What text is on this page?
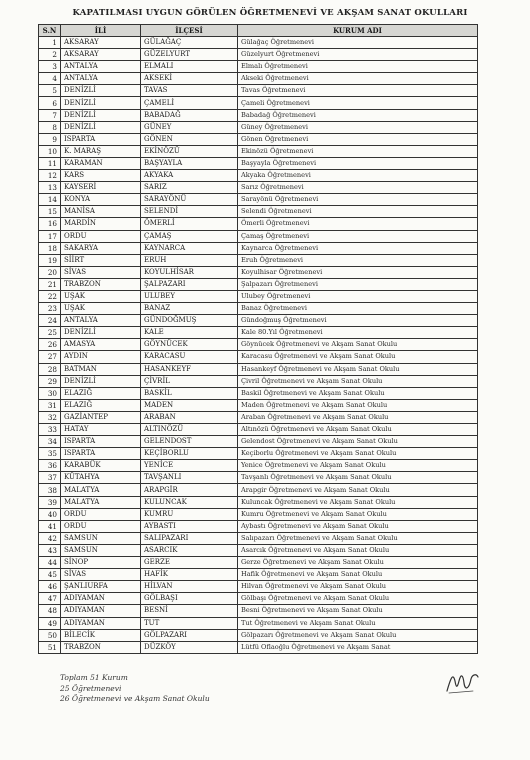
KAPATILMASI UYGUN GÖRÜLEN ÖĞRETMENEVİ VE AKŞAM SANAT OKULLARI
S.N	İLİ	İLÇESİ	KURUM ADI
1	AKSARAY	GÜLAĞAÇ	Gülağaç Öğretmenevi
2	AKSARAY	GÜZELYURT	Güzelyurt Öğretmenevi
3	ANTALYA	ELMALI	Elmalı Öğretmenevi
4	ANTALYA	AKSEKİ	Akseki Öğretmenevi
5	DENİZLİ	TAVAS	Tavas Öğretmenevi
6	DENİZLİ	ÇAMELİ	Çameli Öğretmenevi
7	DENİZLİ	BABADAĞ	Babadağ Öğretmenevi
8	DENİZLİ	GÜNEY	Güney Öğretmenevi
9	ISPARTA	GÖNEN	Gönen Öğretmenevi
10	K. MARAŞ	EKİNÖZÜ	Ekinözü Öğretmenevi
11	KARAMAN	BAŞYAYLA	Başyayla Öğretmenevi
12	KARS	AKYAKA	Akyaka Öğretmenevi
13	KAYSERİ	SARIZ	Sarız Öğretmenevi
14	KONYA	SARAYÖNÜ	Sarayönü Öğretmenevi
15	MANİSA	SELENDİ	Selendi Öğretmenevi
16	MARDİN	ÖMERLİ	Ömerli Öğretmenevi
17	ORDU	ÇAMAŞ	Çamaş Öğretmenevi
18	SAKARYA	KAYNARCA	Kaynarca Öğretmenevi
19	SİİRT	ERUH	Eruh Öğretmenevi
20	SİVAS	KOYULHİSAR	Koyulhisar Öğretmenevi
21	TRABZON	ŞALPAZARI	Şalpazarı Öğretmenevi
22	UŞAK	ULUBEY	Ulubey Öğretmenevi
23	UŞAK	BANAZ	Banaz Öğretmenevi
24	ANTALYA	GÜNDOĞMUŞ	Gündoğmuş Öğretmenevi
25	DENİZLİ	KALE	Kale 80.Yıl Öğretmenevi
26	AMASYA	GÖYNÜCEK	Göynücek Öğretmenevi ve Akşam Sanat Okulu
27	AYDIN	KARACASU	Karacasu Öğretmenevi ve Akşam Sanat Okulu
28	BATMAN	HASANKEYF	Hasankeyf Öğretmenevi ve Akşam Sanat Okulu
29	DENİZLİ	ÇİVRİL	Çivril Öğretmenevi ve Akşam Sanat Okulu
30	ELAZIĞ	BASKİL	Baskil Öğretmenevi ve Akşam Sanat Okulu
31	ELAZIĞ	MADEN	Maden Öğretmenevi ve Akşam Sanat Okulu
32	GAZİANTEP	ARABAN	Araban Öğretmenevi ve Akşam Sanat Okulu
33	HATAY	ALTINÖZÜ	Altınözü Öğretmenevi ve Akşam Sanat Okulu
34	ISPARTA	GELENDOST	Gelendost Öğretmenevi ve Akşam Sanat Okulu
35	ISPARTA	KEÇİBORLU	Keçiborlu Öğretmenevi ve Akşam Sanat Okulu
36	KARABÜK	YENİCE	Yenice Öğretmenevi ve Akşam Sanat Okulu
37	KÜTAHYA	TAVŞANLI	Tavşanlı Öğretmenevi ve Akşam Sanat Okulu
38	MALATYA	ARAPGİR	Arapgir Öğretmenevi ve Akşam Sanat Okulu
39	MALATYA	KULUNCAK	Kuluncak Öğretmenevi ve Akşam Sanat Okulu
40	ORDU	KUMRU	Kumru Öğretmenevi ve Akşam Sanat Okulu
41	ORDU	AYBASTI	Aybastı Öğretmenevi ve Akşam Sanat Okulu
42	SAMSUN	SALIPAZARI	Salıpazarı Öğretmenevi ve Akşam Sanat Okulu
43	SAMSUN	ASARCIK	Asarcık Öğretmenevi ve Akşam Sanat Okulu
44	SİNOP	GERZE	Gerze Öğretmenevi ve Akşam Sanat Okulu
45	SİVAS	HAFİK	Hafik Öğretmenevi ve Akşam Sanat Okulu
46	ŞANLIURFA	HİLVAN	Hilvan Öğretmenevi ve Akşam Sanat Okulu
47	ADIYAMAN	GÖLBAŞI	Gölbaşı Öğretmenevi ve Akşam Sanat Okulu
48	ADIYAMAN	BESNİ	Besni Öğretmenevi ve Akşam Sanat Okulu
49	ADIYAMAN	TUT	Tut Öğretmenevi ve Akşam Sanat Okulu
50	BİLECİK	GÖLPAZARI	Gölpazarı Öğretmenevi ve Akşam Sanat Okulu
51	TRABZON	DÜZKÖY	Lütfü Oflaoğlu Öğretmenevi ve Akşam Sanat
Toplam 51 Kurum
25 Öğretmenevi
26 Öğretmenevi ve Akşam Sanat Okulu
